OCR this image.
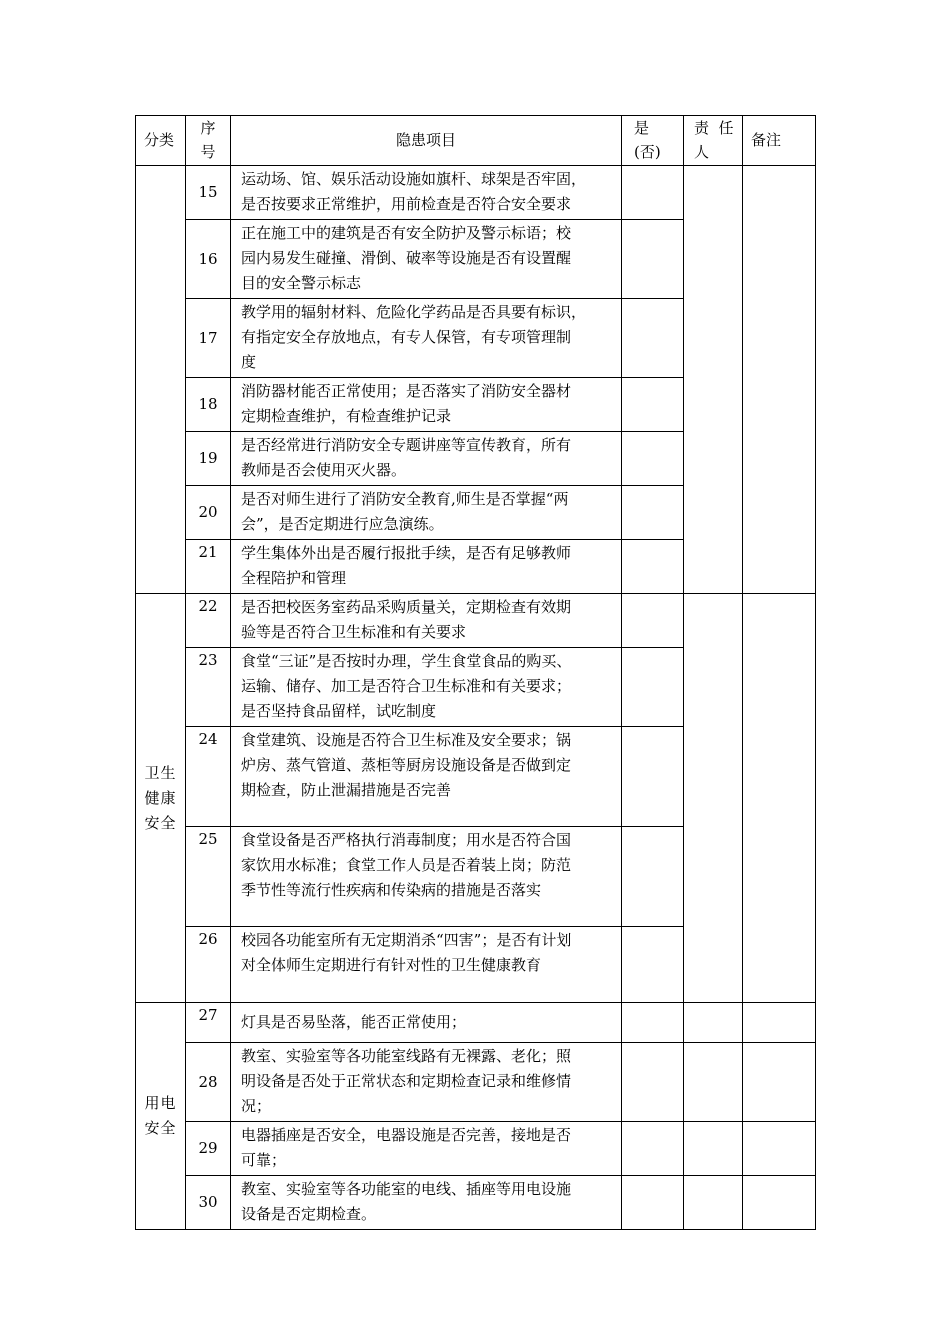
分类	序
号	隐患项目	是
(否)	责  任
人	备注
	15	运动场、馆、娱乐活动设施如旗杆、球架是否牢固，
是否按要求正常维护，用前检查是否符合安全要求			

	16	正在施工中的建筑是否有安全防护及警示标语；校
园内易发生碰撞、滑倒、破率等设施是否有设置醒
目的安全警示标志			

	17	教学用的辐射材料、危险化学药品是否具要有标识，
有指定安全存放地点，有专人保管，有专项管理制
度			

	18	消防器材能否正常使用；是否落实了消防安全器材
定期检查维护，有检查维护记录			

	19	是否经常进行消防安全专题讲座等宣传教育，所有
教师是否会使用灭火器。			

	20	是否对师生进行了消防安全教育,师生是否掌握“两
会”，是否定期进行应急演练。			

	21	学生集体外出是否履行报批手续，是否有足够教师
全程陪护和管理			

卫生
健康
安全	22	是否把校医务室药品采购质量关，定期检查有效期
验等是否符合卫生标准和有关要求			

	23	食堂“三证”是否按时办理，学生食堂食品的购买、
运输、储存、加工是否符合卫生标准和有关要求；
是否坚持食品留样，试吃制度			

	24	食堂建筑、设施是否符合卫生标准及安全要求；锅
炉房、蒸气管道、蒸柜等厨房设施设备是否做到定
期检查，防止泄漏措施是否完善			

	25	食堂设备是否严格执行消毒制度；用水是否符合国
家饮用水标准；食堂工作人员是否着装上岗；防范
季节性等流行性疾病和传染病的措施是否落实			

	26	校园各功能室所有无定期消杀“四害”；是否有计划
对全体师生定期进行有针对性的卫生健康教育			

用电
安全	27	灯具是否易坠落，能否正常使用；			

	28	教室、实验室等各功能室线路有无裸露、老化；照
明设备是否处于正常状态和定期检查记录和维修情
况；			

	29	电器插座是否安全，电器设施是否完善，接地是否
可靠；			

	30	教室、实验室等各功能室的电线、插座等用电设施
设备是否定期检查。			
